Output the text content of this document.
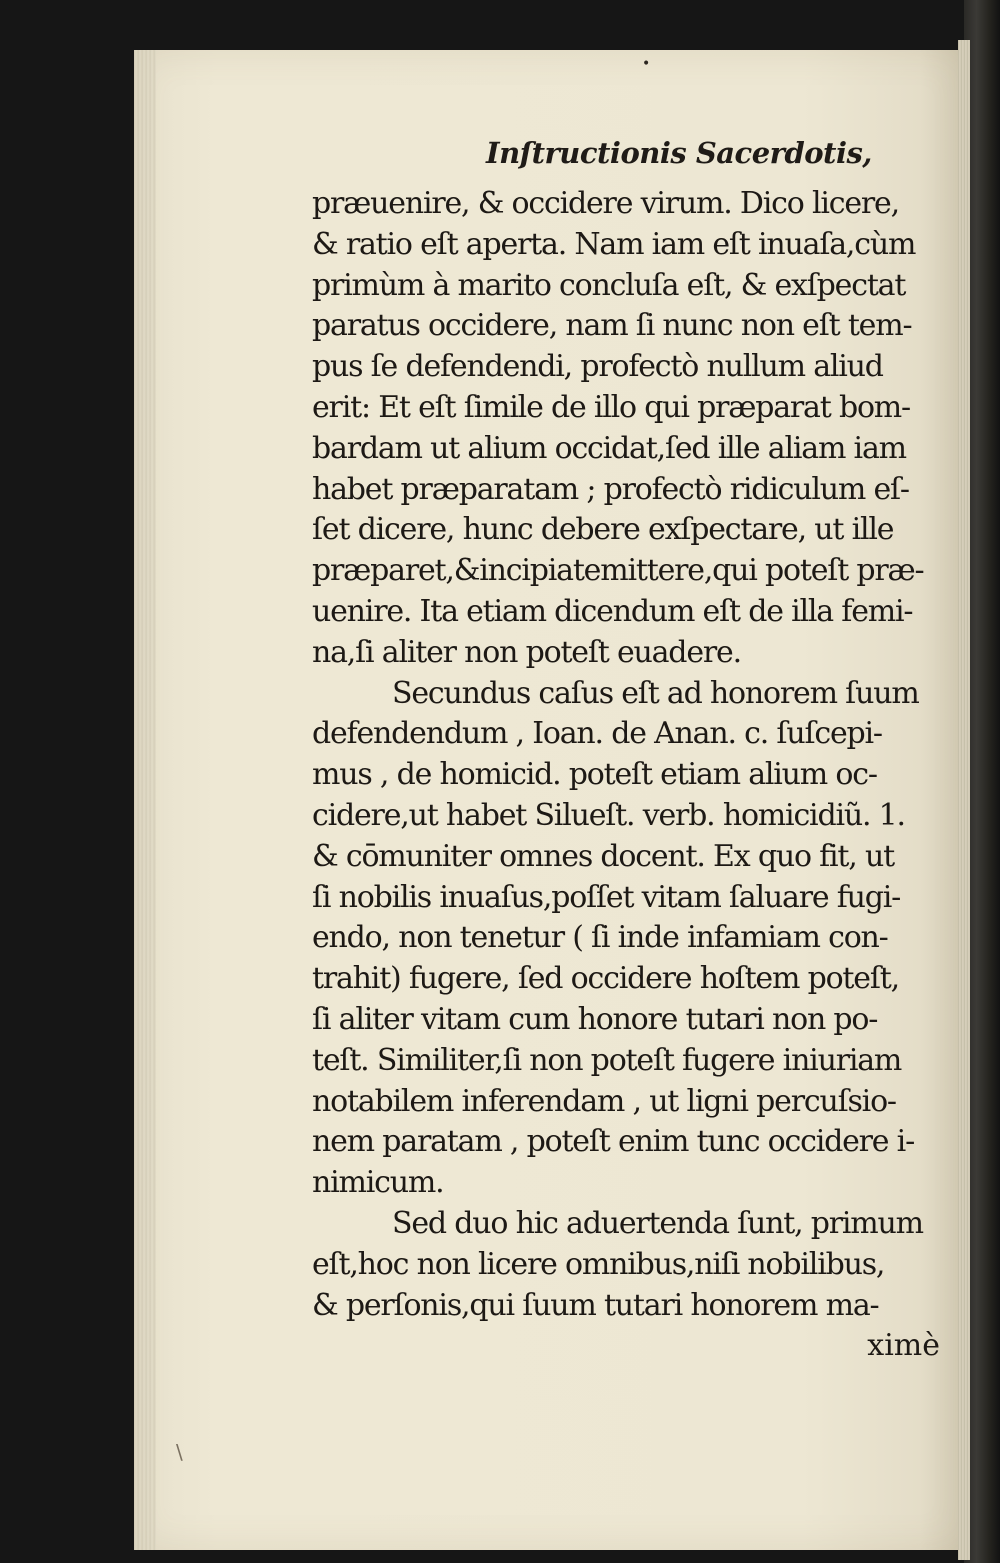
•
Inſtructionis Sacerdotis,
præuenire, & occidere virum. Dico licere,
& ratio eſt aperta. Nam iam eſt inuaſa,cùm
primùm à marito concluſa eſt, & exſpectat
paratus occidere, nam ſi nunc non eſt tem-
pus ſe defendendi, profectò nullum aliud
erit: Et eſt ſimile de illo qui præparat bom-
bardam ut alium occidat,ſed ille aliam iam
habet præparatam ; profectò ridiculum eſ-
ſet dicere, hunc debere exſpectare, ut ille
præparet,&incipiatemittere,qui poteſt præ-
uenire. Ita etiam dicendum eſt de illa femi-
na,ſi aliter non poteſt euadere.
Secundus caſus eſt ad honorem ſuum
defendendum , Ioan. de Anan. c. ſuſcepi-
mus , de homicid. poteſt etiam alium oc-
cidere,ut habet Silueſt. verb. homicidiũ. 1.
& cōmuniter omnes docent. Ex quo fit, ut
ſi nobilis inuaſus,poſſet vitam ſaluare fugi-
endo, non tenetur ( ſi inde infamiam con-
trahit) fugere, ſed occidere hoſtem poteſt,
ſi aliter vitam cum honore tutari non po-
teſt. Similiter,ſi non poteſt fugere iniuriam
notabilem inferendam , ut ligni percuſsio-
nem paratam , poteſt enim tunc occidere i-
nimicum.
Sed duo hic aduertenda ſunt, primum
eſt,hoc non licere omnibus,niſi nobilibus,
& perſonis,qui ſuum tutari honorem ma-
ximè
\
